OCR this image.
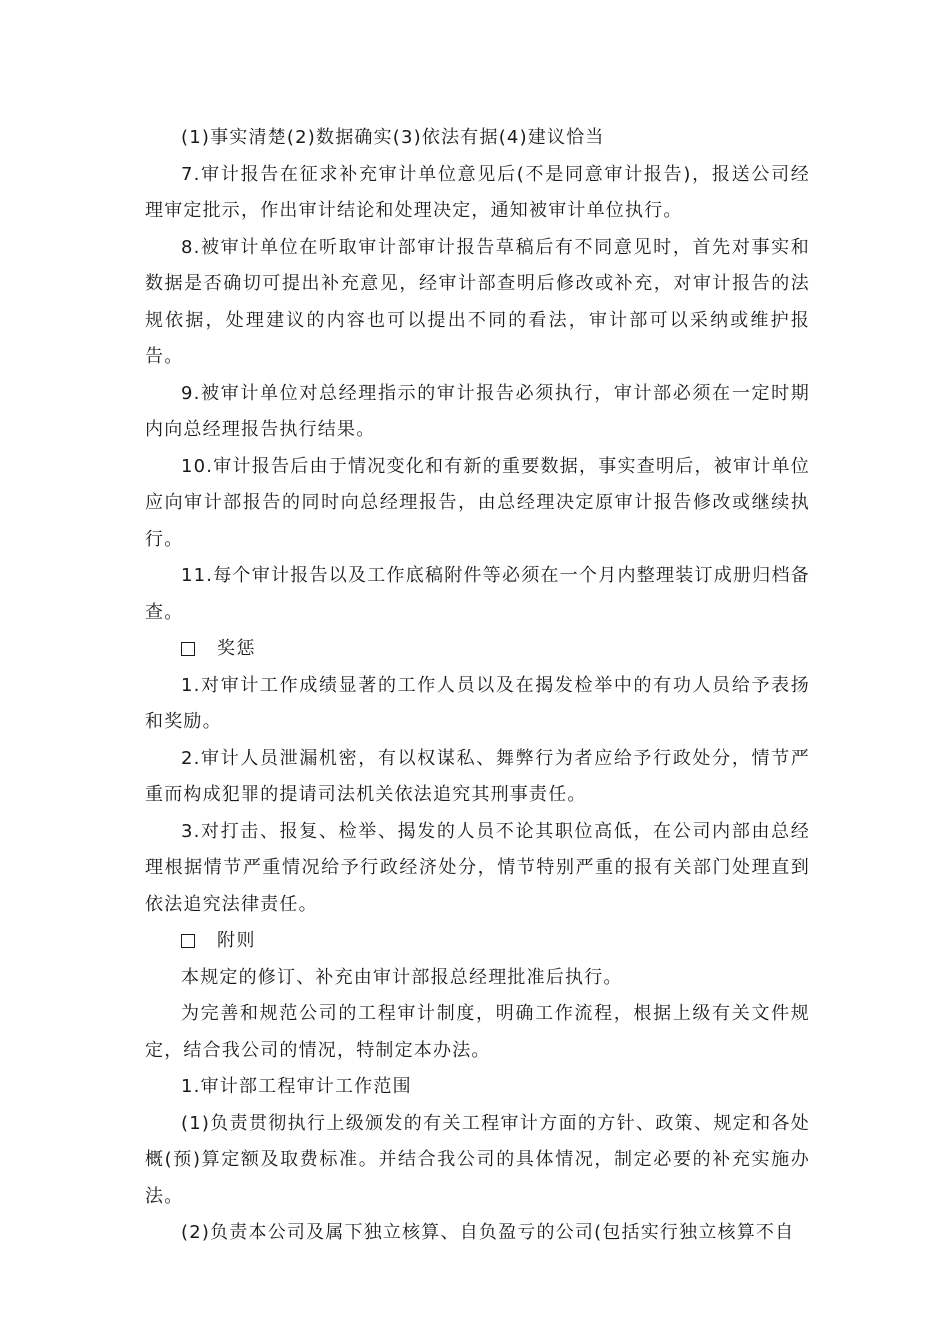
(1)事实清楚(2)数据确实(3)依法有据(4)建议恰当

7.审计报告在征求补充审计单位意见后(不是同意审计报告)，报送公司经理审定批示，作出审计结论和处理决定，通知被审计单位执行。

8.被审计单位在听取审计部审计报告草稿后有不同意见时，首先对事实和数据是否确切可提出补充意见，经审计部查明后修改或补充，对审计报告的法规依据，处理建议的内容也可以提出不同的看法，审计部可以采纳或维护报告。

9.被审计单位对总经理指示的审计报告必须执行，审计部必须在一定时期内向总经理报告执行结果。

10.审计报告后由于情况变化和有新的重要数据，事实查明后，被审计单位应向审计部报告的同时向总经理报告，由总经理决定原审计报告修改或继续执行。

11.每个审计报告以及工作底稿附件等必须在一个月内整理装订成册归档备查。

奖惩

1.对审计工作成绩显著的工作人员以及在揭发检举中的有功人员给予表扬和奖励。

2.审计人员泄漏机密，有以权谋私、舞弊行为者应给予行政处分，情节严重而构成犯罪的提请司法机关依法追究其刑事责任。

3.对打击、报复、检举、揭发的人员不论其职位高低，在公司内部由总经理根据情节严重情况给予行政经济处分，情节特别严重的报有关部门处理直到依法追究法律责任。

附则

本规定的修订、补充由审计部报总经理批准后执行。

为完善和规范公司的工程审计制度，明确工作流程，根据上级有关文件规定，结合我公司的情况，特制定本办法。

1.审计部工程审计工作范围

(1)负责贯彻执行上级颁发的有关工程审计方面的方针、政策、规定和各处概(预)算定额及取费标准。并结合我公司的具体情况，制定必要的补充实施办法。

(2)负责本公司及属下独立核算、自负盈亏的公司(包括实行独立核算不自
